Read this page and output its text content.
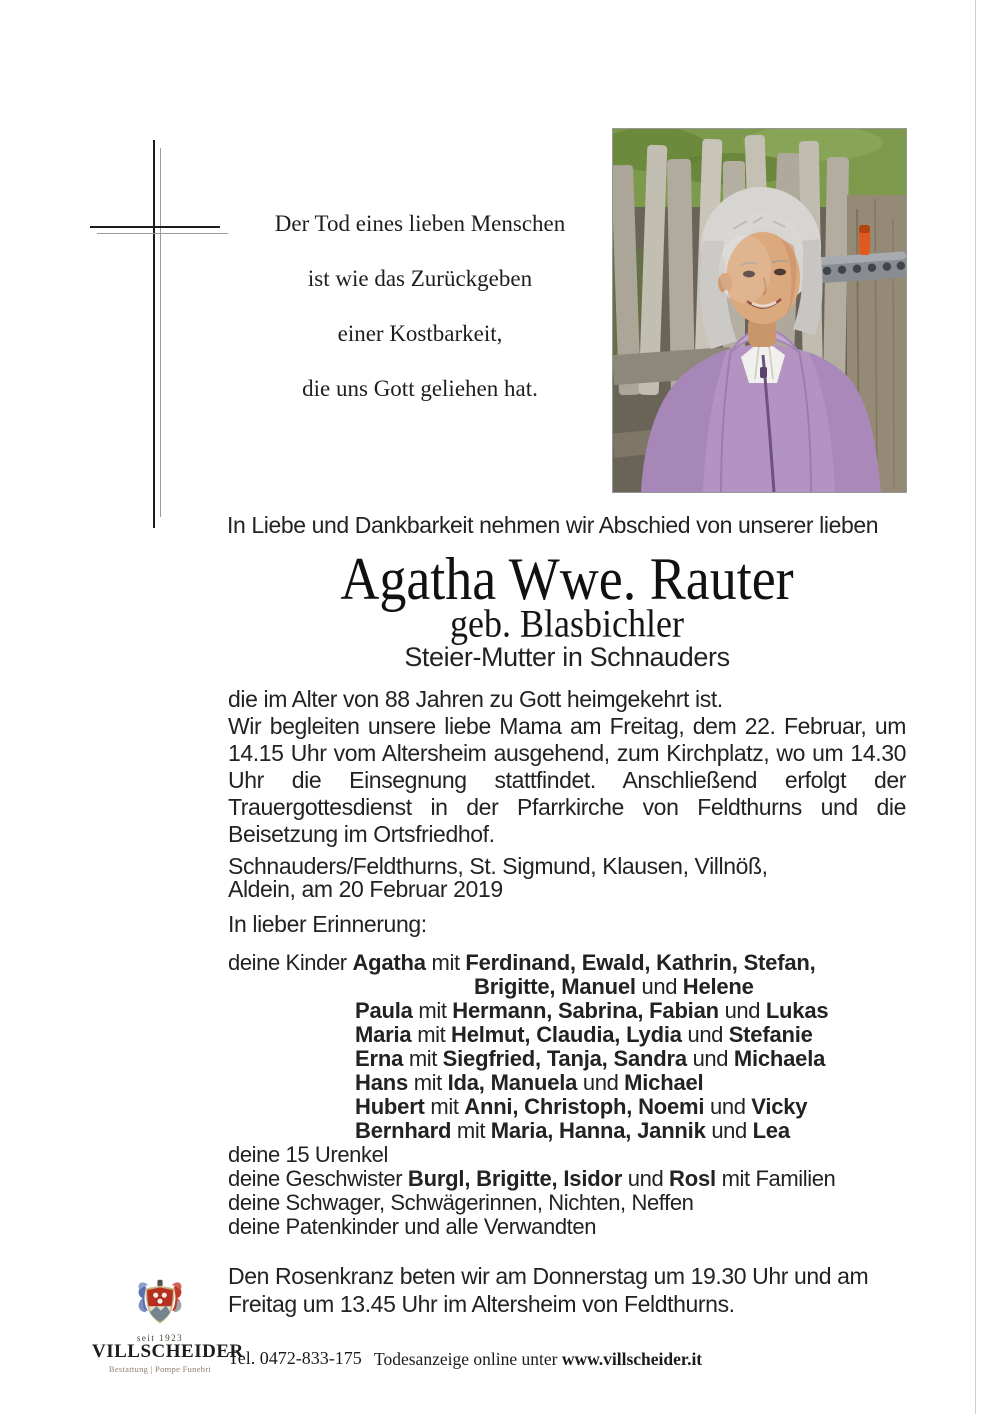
Der Tod eines lieben Menschen
ist wie das Zurückgeben
einer Kostbarkeit,
die uns Gott geliehen hat.
In Liebe und Dankbarkeit nehmen wir Abschied von unserer lieben
Agatha Wwe. Rauter
geb. Blasbichler
Steier-Mutter in Schnauders
die im Alter von 88 Jahren zu Gott heimgekehrt ist.
Wir begleiten unsere liebe Mama am Freitag, dem 22. Februar, um 14.15 Uhr vom Altersheim ausgehend, zum Kirchplatz, wo um 14.30 Uhr die Einsegnung stattfindet. Anschließend erfolgt der Trauergottesdienst in der Pfarrkirche von Feldthurns und die Beisetzung im Ortsfriedhof.
Schnauders/Feldthurns, St. Sigmund, Klausen, Villnöß,
Aldein, am 20 Februar 2019
In lieber Erinnerung:
deine Kinder Agatha mit Ferdinand, Ewald, Kathrin, Stefan,
Brigitte, Manuel und Helene
Paula mit Hermann, Sabrina, Fabian und Lukas
Maria mit Helmut, Claudia, Lydia und Stefanie
Erna mit Siegfried, Tanja, Sandra und Michaela
Hans mit Ida, Manuela und Michael
Hubert mit Anni, Christoph, Noemi und Vicky
Bernhard mit Maria, Hanna, Jannik und Lea
deine 15 Urenkel
deine Geschwister Burgl, Brigitte, Isidor und Rosl mit Familien
deine Schwager, Schwägerinnen, Nichten, Neffen
deine Patenkinder und alle Verwandten
Den Rosenkranz beten wir am Donnerstag um 19.30 Uhr und am Freitag um 13.45 Uhr im Altersheim von Feldthurns.
seit 1923
VILLSCHEIDER
Bestattung | Pompe Funebri
Tel. 0472-833-175 Todesanzeige online unter www.villscheider.it
